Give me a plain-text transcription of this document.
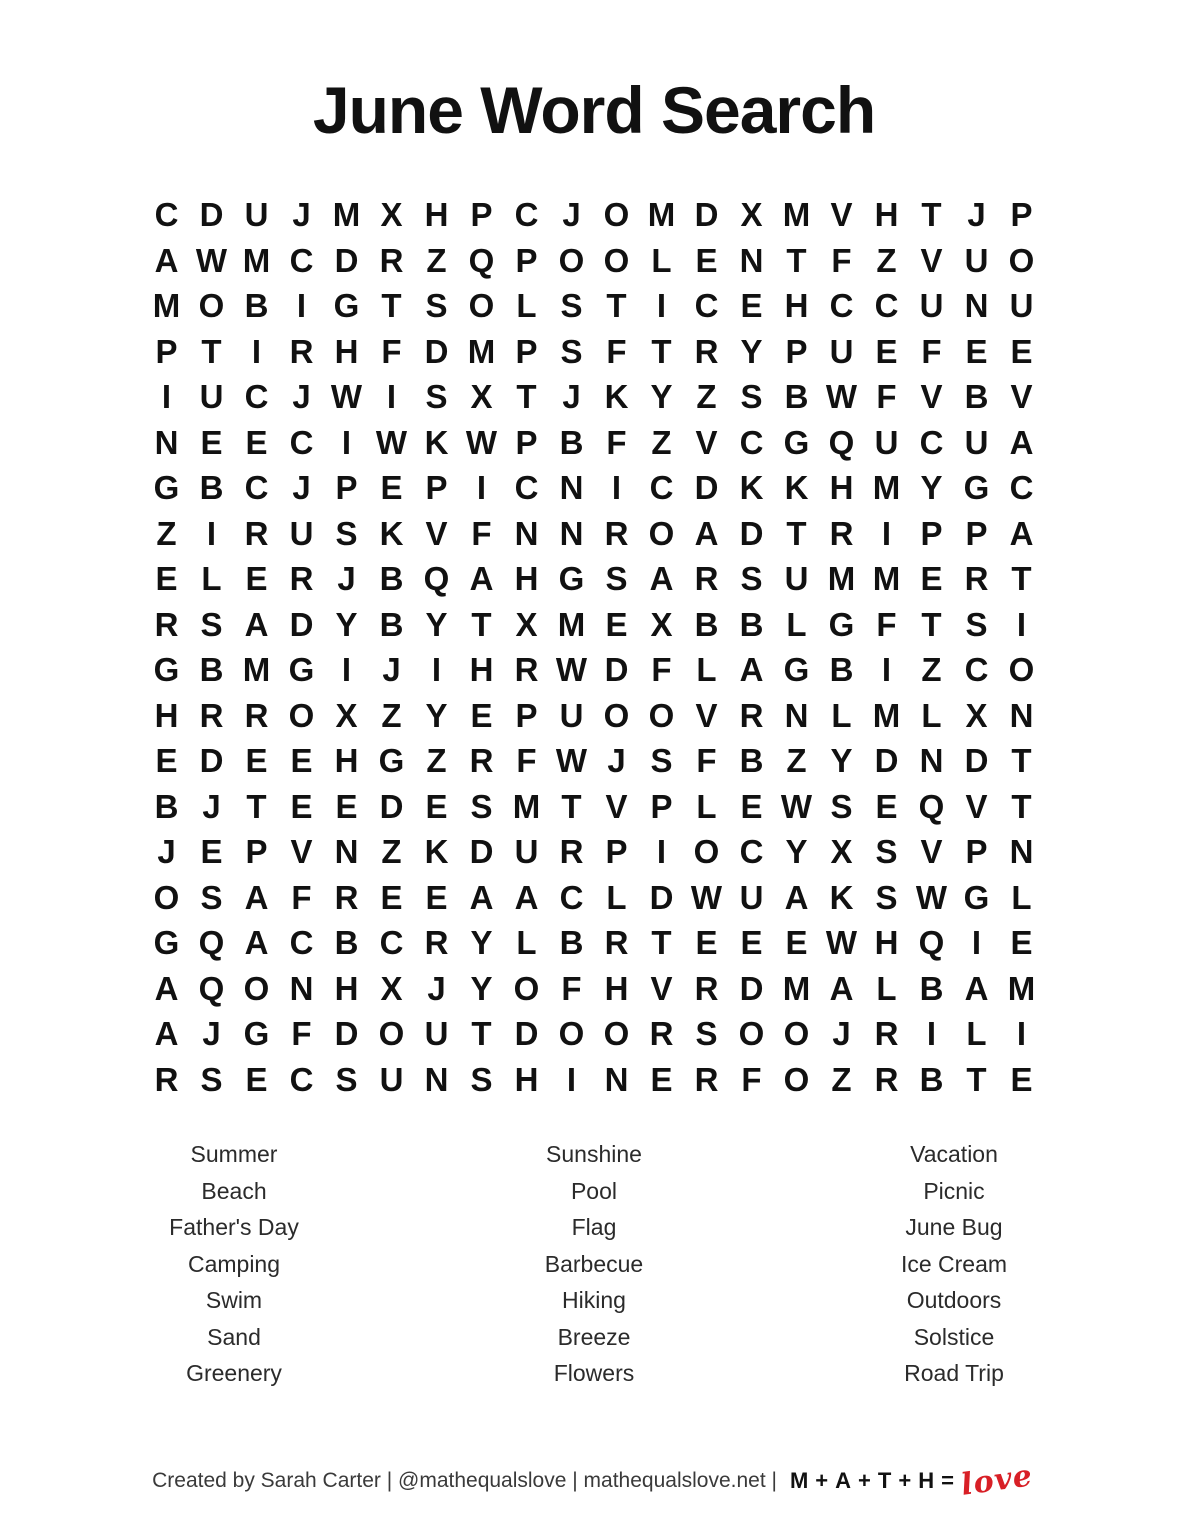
June Word Search
C D U J M X H P C J O M D X M V H T J P
A W M C D R Z Q P O O L E N T F Z V U O
M O B I G T S O L S T I C E H C C U N U
P T I R H F D M P S F T R Y P U E F E E
I U C J W I S X T J K Y Z S B W F V B V
N E E C I W K W P B F Z V C G Q U C U A
G B C J P E P I C N I C D K K H M Y G C
Z I R U S K V F N N R O A D T R I P P A
E L E R J B Q A H G S A R S U M M E R T
R S A D Y B Y T X M E X B B L G F T S I
G B M G I J I H R W D F L A G B I Z C O
H R R O X Z Y E P U O O V R N L M L X N
E D E E H G Z R F W J S F B Z Y D N D T
B J T E E D E S M T V P L E W S E Q V T
J E P V N Z K D U R P I O C Y X S V P N
O S A F R E E A A C L D W U A K S W G L
G Q A C B C R Y L B R T E E E W H Q I E
A Q O N H X J Y O F H V R D M A L B A M
A J G F D O U T D O O R S O O J R I L I
R S E C S U N S H I N E R F O Z R B T E
Summer
Beach
Father's Day
Camping
Swim
Sand
Greenery
Sunshine
Pool
Flag
Barbecue
Hiking
Breeze
Flowers
Vacation
Picnic
June Bug
Ice Cream
Outdoors
Solstice
Road Trip
Created by Sarah Carter | @mathequalslove | mathequalslove.net | M + A + T + H = love
